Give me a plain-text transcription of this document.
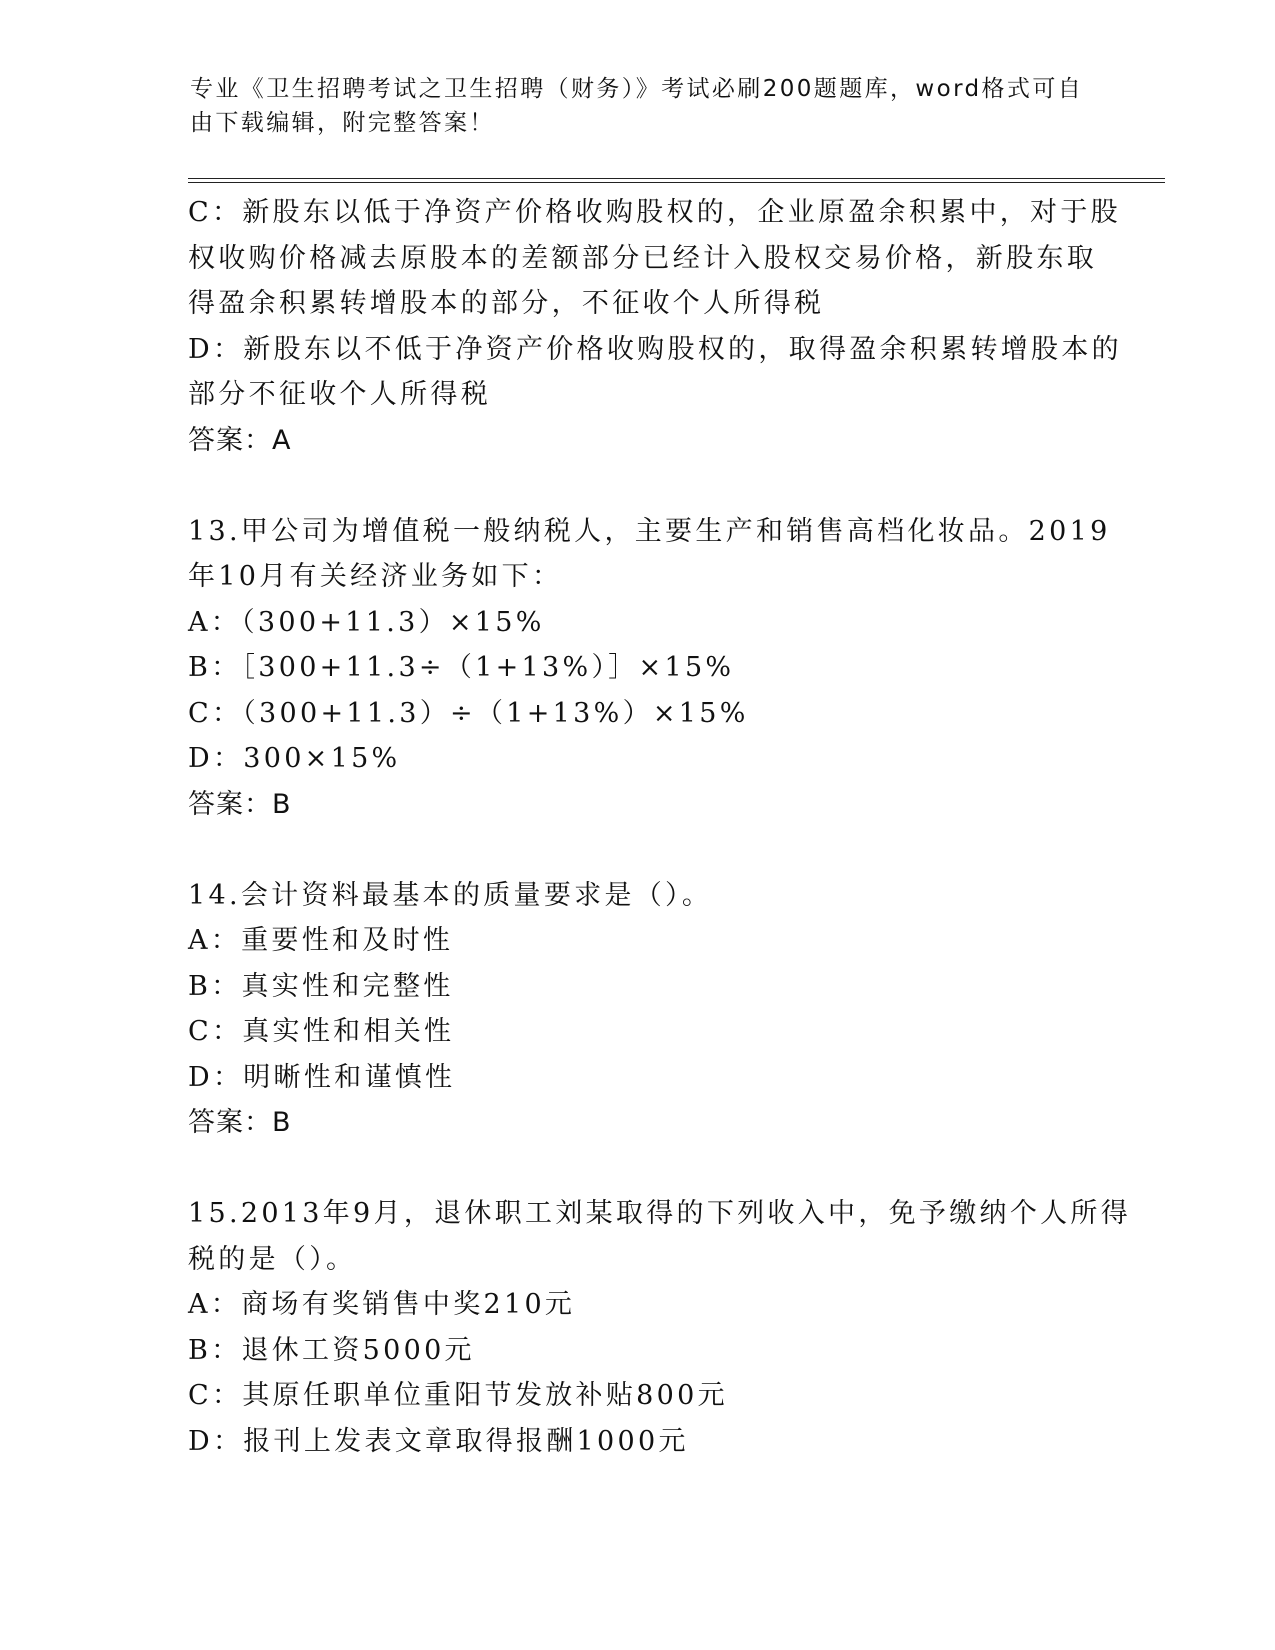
专业《卫生招聘考试之卫生招聘（财务）》考试必刷200题题库，word格式可自
由下载编辑，附完整答案！
C：新股东以低于净资产价格收购股权的，企业原盈余积累中，对于股
权收购价格减去原股本的差额部分已经计入股权交易价格，新股东取
得盈余积累转增股本的部分，不征收个人所得税
D：新股东以不低于净资产价格收购股权的，取得盈余积累转增股本的
部分不征收个人所得税
答案：A
13.甲公司为增值税一般纳税人，主要生产和销售高档化妆品。2019
年10月有关经济业务如下：
A：（300+11.3）×15%
B：［300+11.3÷（1+13%）］×15%
C：（300+11.3）÷（1+13%）×15%
D：300×15%
答案：B
14.会计资料最基本的质量要求是（）。
A：重要性和及时性
B：真实性和完整性
C：真实性和相关性
D：明晰性和谨慎性
答案：B
15.2013年9月，退休职工刘某取得的下列收入中，免予缴纳个人所得
税的是（）。
A：商场有奖销售中奖210元
B：退休工资5000元
C：其原任职单位重阳节发放补贴800元
D：报刊上发表文章取得报酬1000元
